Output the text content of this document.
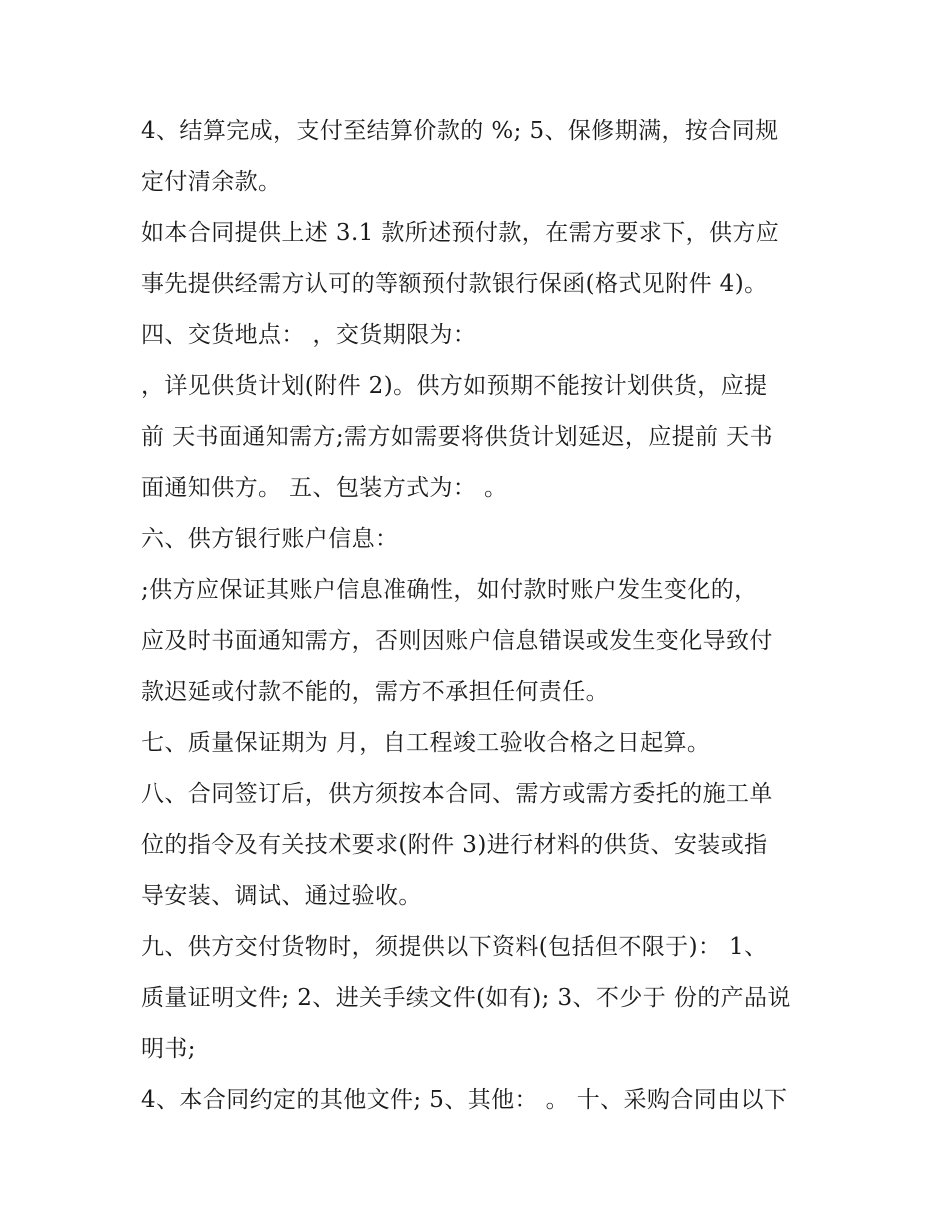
4、结算完成，支付至结算价款的 %; 5、保修期满，按合同规
定付清余款。
如本合同提供上述 3.1 款所述预付款，在需方要求下，供方应
事先提供经需方认可的等额预付款银行保函(格式见附件 4)。
四、交货地点： ，交货期限为：
，详见供货计划(附件 2)。供方如预期不能按计划供货，应提
前 天书面通知需方;需方如需要将供货计划延迟，应提前 天书
面通知供方。 五、包装方式为： 。
六、供方银行账户信息：
;供方应保证其账户信息准确性，如付款时账户发生变化的，
应及时书面通知需方，否则因账户信息错误或发生变化导致付
款迟延或付款不能的，需方不承担任何责任。
七、质量保证期为 月，自工程竣工验收合格之日起算。
八、合同签订后，供方须按本合同、需方或需方委托的施工单
位的指令及有关技术要求(附件 3)进行材料的供货、安装或指
导安装、调试、通过验收。
九、供方交付货物时，须提供以下资料(包括但不限于)： 1、
质量证明文件; 2、进关手续文件(如有); 3、不少于 份的产品说
明书;
4、本合同约定的其他文件; 5、其他： 。 十、采购合同由以下
